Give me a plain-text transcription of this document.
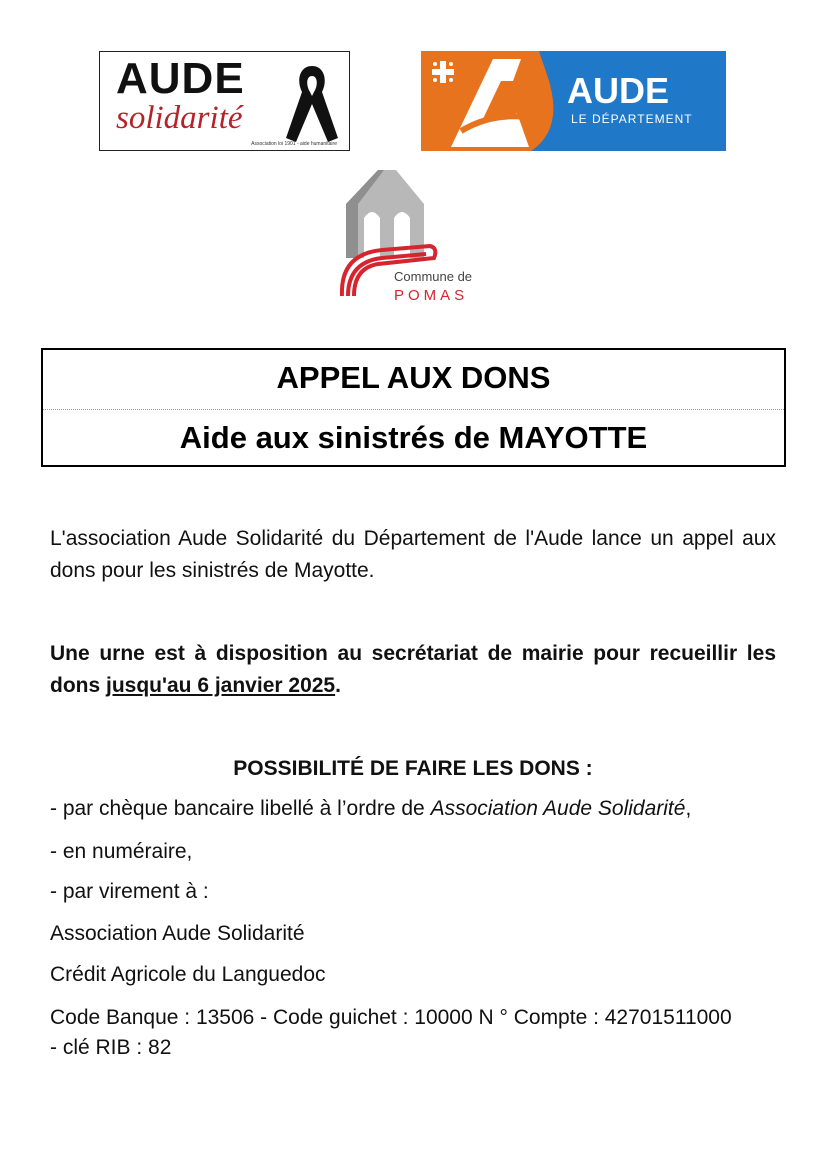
AUDE
solidarité
Association loi 1901 - aide humanitaire
AUDE
LE DÉPARTEMENT
Commune de
POMAS
APPEL AUX DONS
Aide aux sinistrés de MAYOTTE
L'association Aude Solidarité du Département de l'Aude lance un appel aux dons pour les sinistrés de Mayotte.
Une urne est à disposition au secrétariat de mairie pour recueillir les dons jusqu'au 6 janvier 2025.
POSSIBILITÉ DE FAIRE LES DONS :
- par chèque bancaire libellé à l’ordre de Association Aude Solidarité,
- en numéraire,
- par virement à :
Association Aude Solidarité
Crédit Agricole du Languedoc
Code Banque : 13506 - Code guichet : 10000 N ° Compte : 42701511000
- clé RIB : 82
